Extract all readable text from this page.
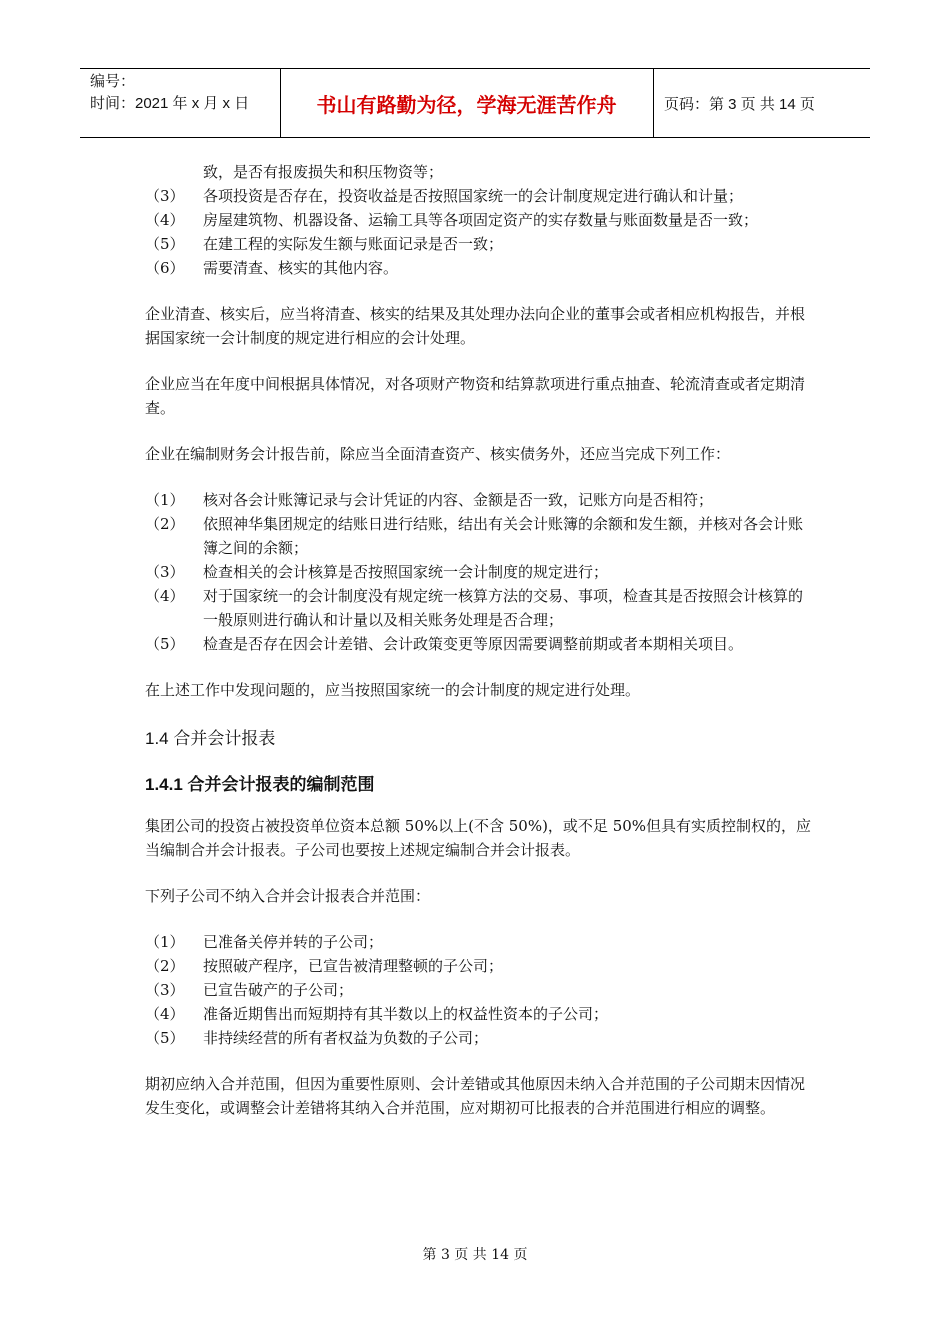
编号：
时间：2021 年 x 月 x 日	书山有路勤为径，学海无涯苦作舟	页码：第 3 页 共 14 页
致，是否有报废损失和积压物资等；
（3）	各项投资是否存在，投资收益是否按照国家统一的会计制度规定进行确认和计量；
（4）	房屋建筑物、机器设备、运输工具等各项固定资产的实存数量与账面数量是否一致；
（5）	在建工程的实际发生额与账面记录是否一致；
（6）	需要清查、核实的其他内容。

企业清查、核实后，应当将清查、核实的结果及其处理办法向企业的董事会或者相应机构报告，并根据国家统一会计制度的规定进行相应的会计处理。

企业应当在年度中间根据具体情况，对各项财产物资和结算款项进行重点抽查、轮流清查或者定期清查。

企业在编制财务会计报告前，除应当全面清查资产、核实债务外，还应当完成下列工作：

（1）	核对各会计账簿记录与会计凭证的内容、金额是否一致，记账方向是否相符；
（2）	依照神华集团规定的结账日进行结账，结出有关会计账簿的余额和发生额，并核对各会计账簿之间的余额；
（3）	检查相关的会计核算是否按照国家统一会计制度的规定进行；
（4）	对于国家统一的会计制度没有规定统一核算方法的交易、事项，检查其是否按照会计核算的一般原则进行确认和计量以及相关账务处理是否合理；
（5）	检查是否存在因会计差错、会计政策变更等原因需要调整前期或者本期相关项目。

在上述工作中发现问题的，应当按照国家统一的会计制度的规定进行处理。

1.4 合并会计报表

1.4.1 合并会计报表的编制范围

集团公司的投资占被投资单位资本总额 50%以上(不含 50%)，或不足 50%但具有实质控制权的，应当编制合并会计报表。子公司也要按上述规定编制合并会计报表。

下列子公司不纳入合并会计报表合并范围：

（1）	已准备关停并转的子公司；
（2）	按照破产程序，已宣告被清理整顿的子公司；
（3）	已宣告破产的子公司；
（4）	准备近期售出而短期持有其半数以上的权益性资本的子公司；
（5）	非持续经营的所有者权益为负数的子公司；

期初应纳入合并范围，但因为重要性原则、会计差错或其他原因未纳入合并范围的子公司期末因情况发生变化，或调整会计差错将其纳入合并范围，应对期初可比报表的合并范围进行相应的调整。

第 3 页 共 14 页
